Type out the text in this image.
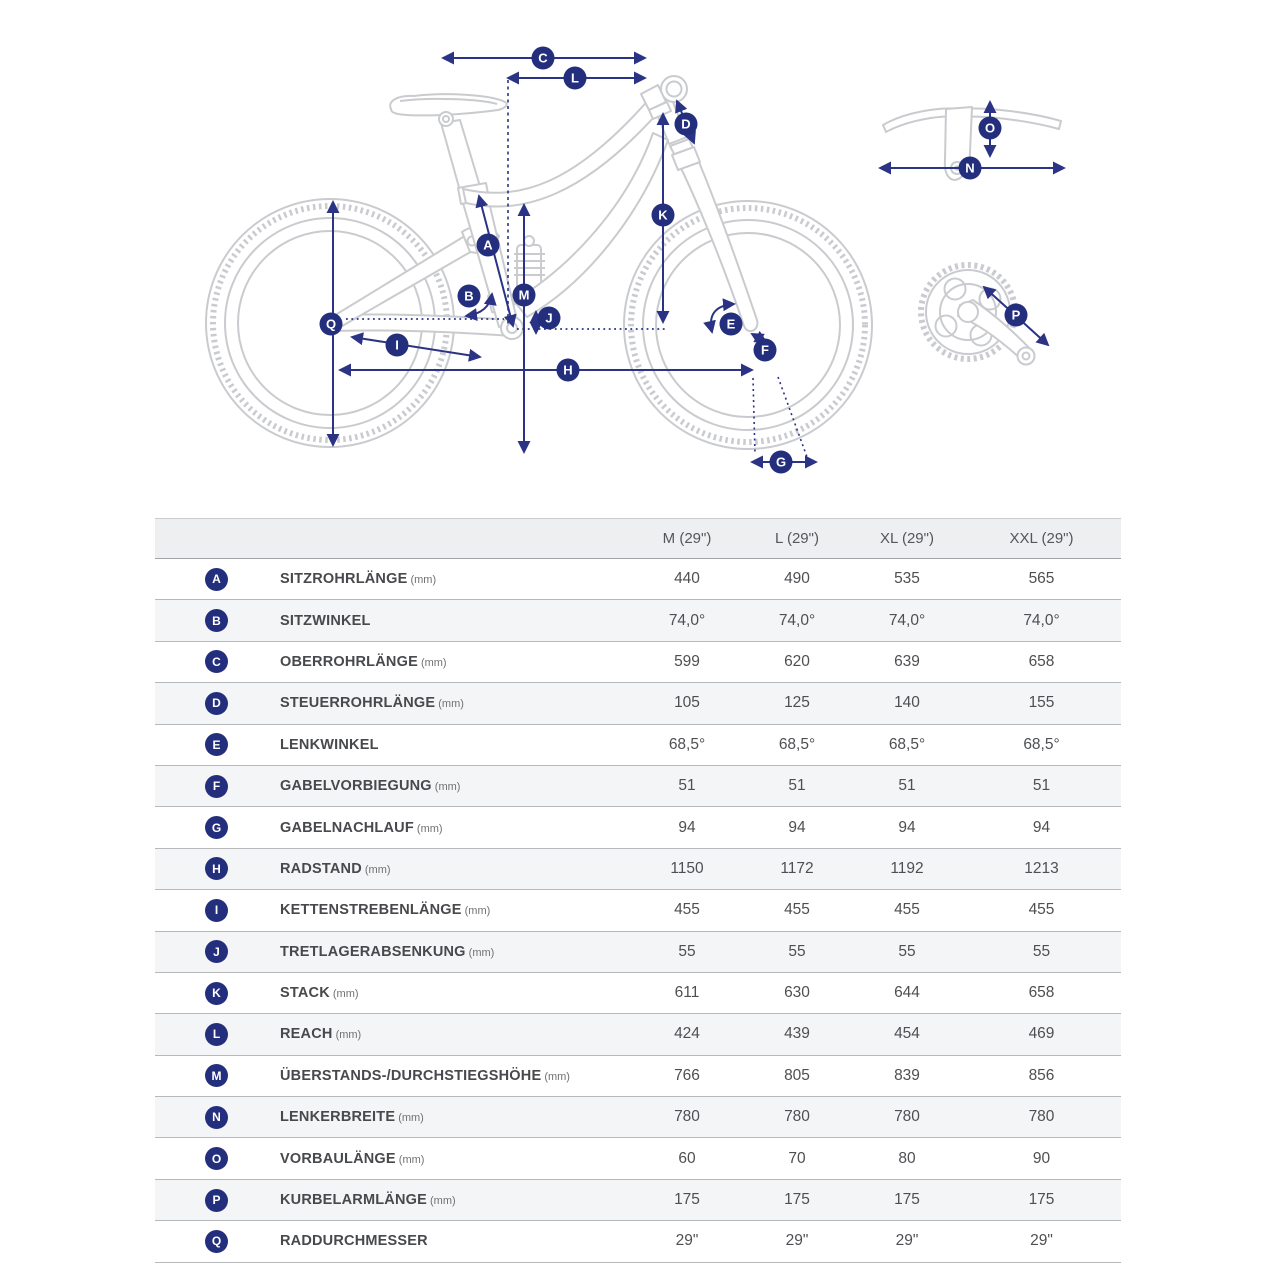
A
B
C
D
E
F
G
H
I
J
K
L
M
N
O
P
Q
M (29")	L (29")	XL (29")	XXL (29")
A	SITZROHRLÄNGE (mm)	440	490	535	565
B	SITZWINKEL	74,0°	74,0°	74,0°	74,0°
C	OBERROHRLÄNGE (mm)	599	620	639	658
D	STEUERROHRLÄNGE (mm)	105	125	140	155
E	LENKWINKEL	68,5°	68,5°	68,5°	68,5°
F	GABELVORBIEGUNG (mm)	51	51	51	51
G	GABELNACHLAUF (mm)	94	94	94	94
H	RADSTAND (mm)	1150	1172	1192	1213
I	KETTENSTREBENLÄNGE (mm)	455	455	455	455
J	TRETLAGERABSENKUNG (mm)	55	55	55	55
K	STACK (mm)	611	630	644	658
L	REACH (mm)	424	439	454	469
M	ÜBERSTANDS-/DURCHSTIEGSHÖHE (mm)	766	805	839	856
N	LENKERBREITE (mm)	780	780	780	780
O	VORBAULÄNGE (mm)	60	70	80	90
P	KURBELARMLÄNGE (mm)	175	175	175	175
Q	RADDURCHMESSER	29"	29"	29"	29"
